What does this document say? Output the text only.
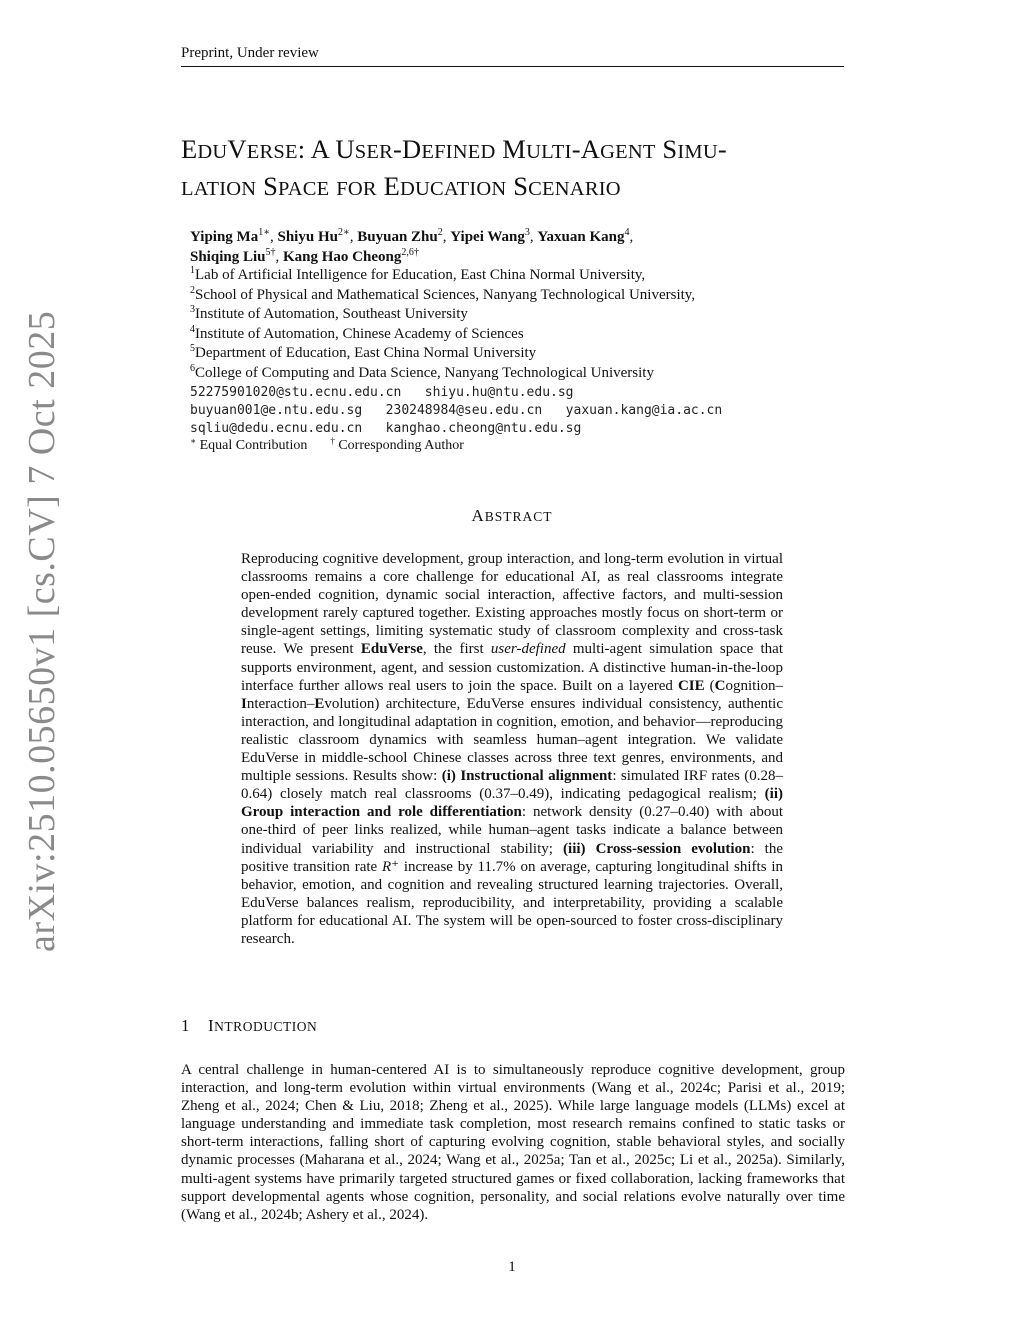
Preprint, Under review
arXiv:2510.05650v1 [cs.CV] 7 Oct 2025
EDUVERSE: A USER-DEFINED MULTI-AGENT SIMU-
LATION SPACE FOR EDUCATION SCENARIO
Yiping $Ma^{1∗}$, Shiyu $Hu^{2∗}$, Buyuan Zhu$^2$, Yipei Wang$^3$, Yaxuan Kang$^4$,
Shiqing Liu$^{5\dagger}$, Kang Hao Cheong$^{2,6\dagger}$
$^1$Lab of Artificial Intelligence for Education, East China Normal University,
$^2$School of Physical and Mathematical Sciences, Nanyang Technological University,
$^3$Institute of Automation, Southeast University
$^4$Institute of Automation, Chinese Academy of Sciences
$^5$Department of Education, East China Normal University
$^6$College of Computing and Data Science, Nanyang Technological University
52275901020@stu.ecnu.edu.cn   shiyu.hu@ntu.edu.sg
buyuan001@e.ntu.edu.sg   230248984@seu.edu.cn   yaxuan.kang@ia.ac.cn
sqliu@dedu.ecnu.edu.cn   kanghao.cheong@ntu.edu.sg
∗ Equal Contribution	† Corresponding Author
ABSTRACT
Reproducing cognitive development, group interaction, and long-term evolution in virtual classrooms remains a core challenge for educational AI, as real classrooms integrate open-ended cognition, dynamic social interaction, affective factors, and multi-session development rarely captured together. Existing approaches mostly focus on short-term or single-agent settings, limiting systematic study of classroom complexity and cross-task reuse. We present EduVerse, the first user-defined multi-agent simulation space that supports environment, agent, and session customization. A distinctive human-in-the-loop interface further allows real users to join the space. Built on a layered CIE (Cognition–Interaction–Evolution) architecture, EduVerse ensures individual consistency, authentic interaction, and longitudinal adaptation in cognition, emotion, and behavior—reproducing realistic classroom dynamics with seamless human–agent integration. We validate EduVerse in middle-school Chinese classes across three text genres, environments, and multiple sessions. Results show: (i) Instructional alignment: simulated IRF rates (0.28–0.64) closely match real classrooms (0.37–0.49), indicating pedagogical realism; (ii) Group interaction and role differentiation: network density (0.27–0.40) with about one-third of peer links realized, while human–agent tasks indicate a balance between individual variability and instructional stability; (iii) Cross-session evolution: the positive transition rate R⁺ increase by 11.7% on average, capturing longitudinal shifts in behavior, emotion, and cognition and revealing structured learning trajectories. Overall, EduVerse balances realism, reproducibility, and interpretability, providing a scalable platform for educational AI. The system will be open-sourced to foster cross-disciplinary research.
1 INTRODUCTION
A central challenge in human-centered AI is to simultaneously reproduce cognitive development, group interaction, and long-term evolution within virtual environments (Wang et al., 2024c; Parisi et al., 2019; Zheng et al., 2024; Chen & Liu, 2018; Zheng et al., 2025). While large language models (LLMs) excel at language understanding and immediate task completion, most research remains confined to static tasks or short-term interactions, falling short of capturing evolving cognition, stable behavioral styles, and socially dynamic processes (Maharana et al., 2024; Wang et al., 2025a; Tan et al., 2025c; Li et al., 2025a). Similarly, multi-agent systems have primarily targeted structured games or fixed collaboration, lacking frameworks that support developmental agents whose cognition, personality, and social relations evolve naturally over time (Wang et al., 2024b; Ashery et al., 2024).
1
